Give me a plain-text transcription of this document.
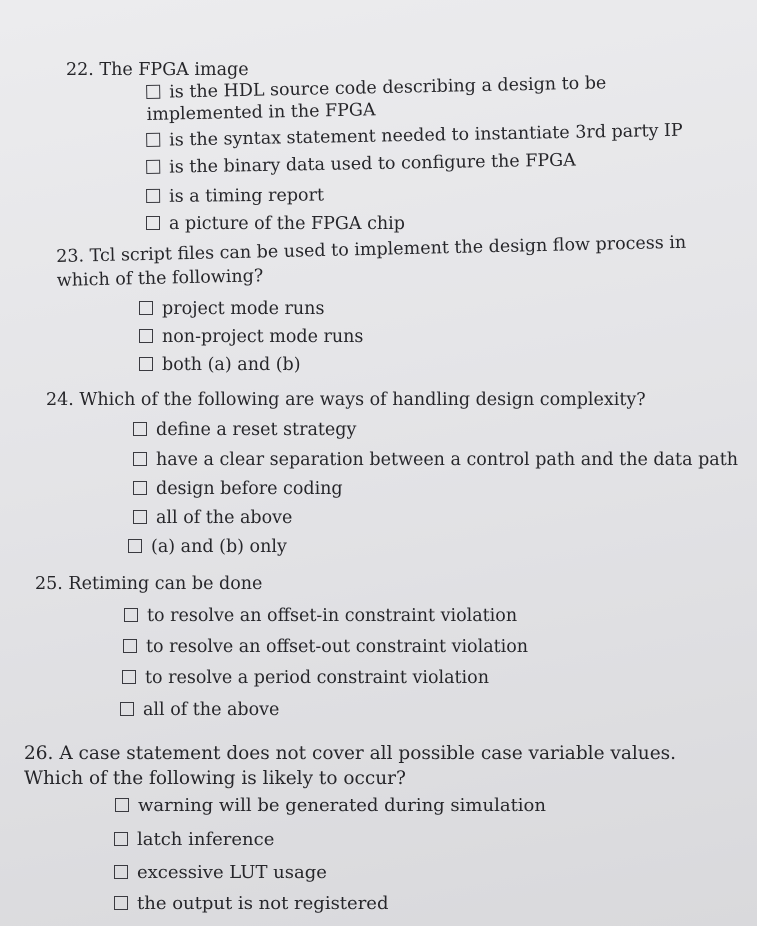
22. The FPGA image
is the HDL source code describing a design to be implemented in the FPGA
is the syntax statement needed to instantiate 3rd party IP
is the binary data used to configure the FPGA
is a timing report
a picture of the FPGA chip
23. Tcl script files can be used to implement the design flow process in which of the following?
project mode runs
non-project mode runs
both (a) and (b)
24. Which of the following are ways of handling design complexity?
define a reset strategy
have a clear separation between a control path and the data path
design before coding
all of the above
(a) and (b) only
25. Retiming can be done
to resolve an offset-in constraint violation
to resolve an offset-out constraint violation
to resolve a period constraint violation
all of the above
26. A case statement does not cover all possible case variable values. Which of the following is likely to occur?
warning will be generated during simulation
latch inference
excessive LUT usage
the output is not registered
